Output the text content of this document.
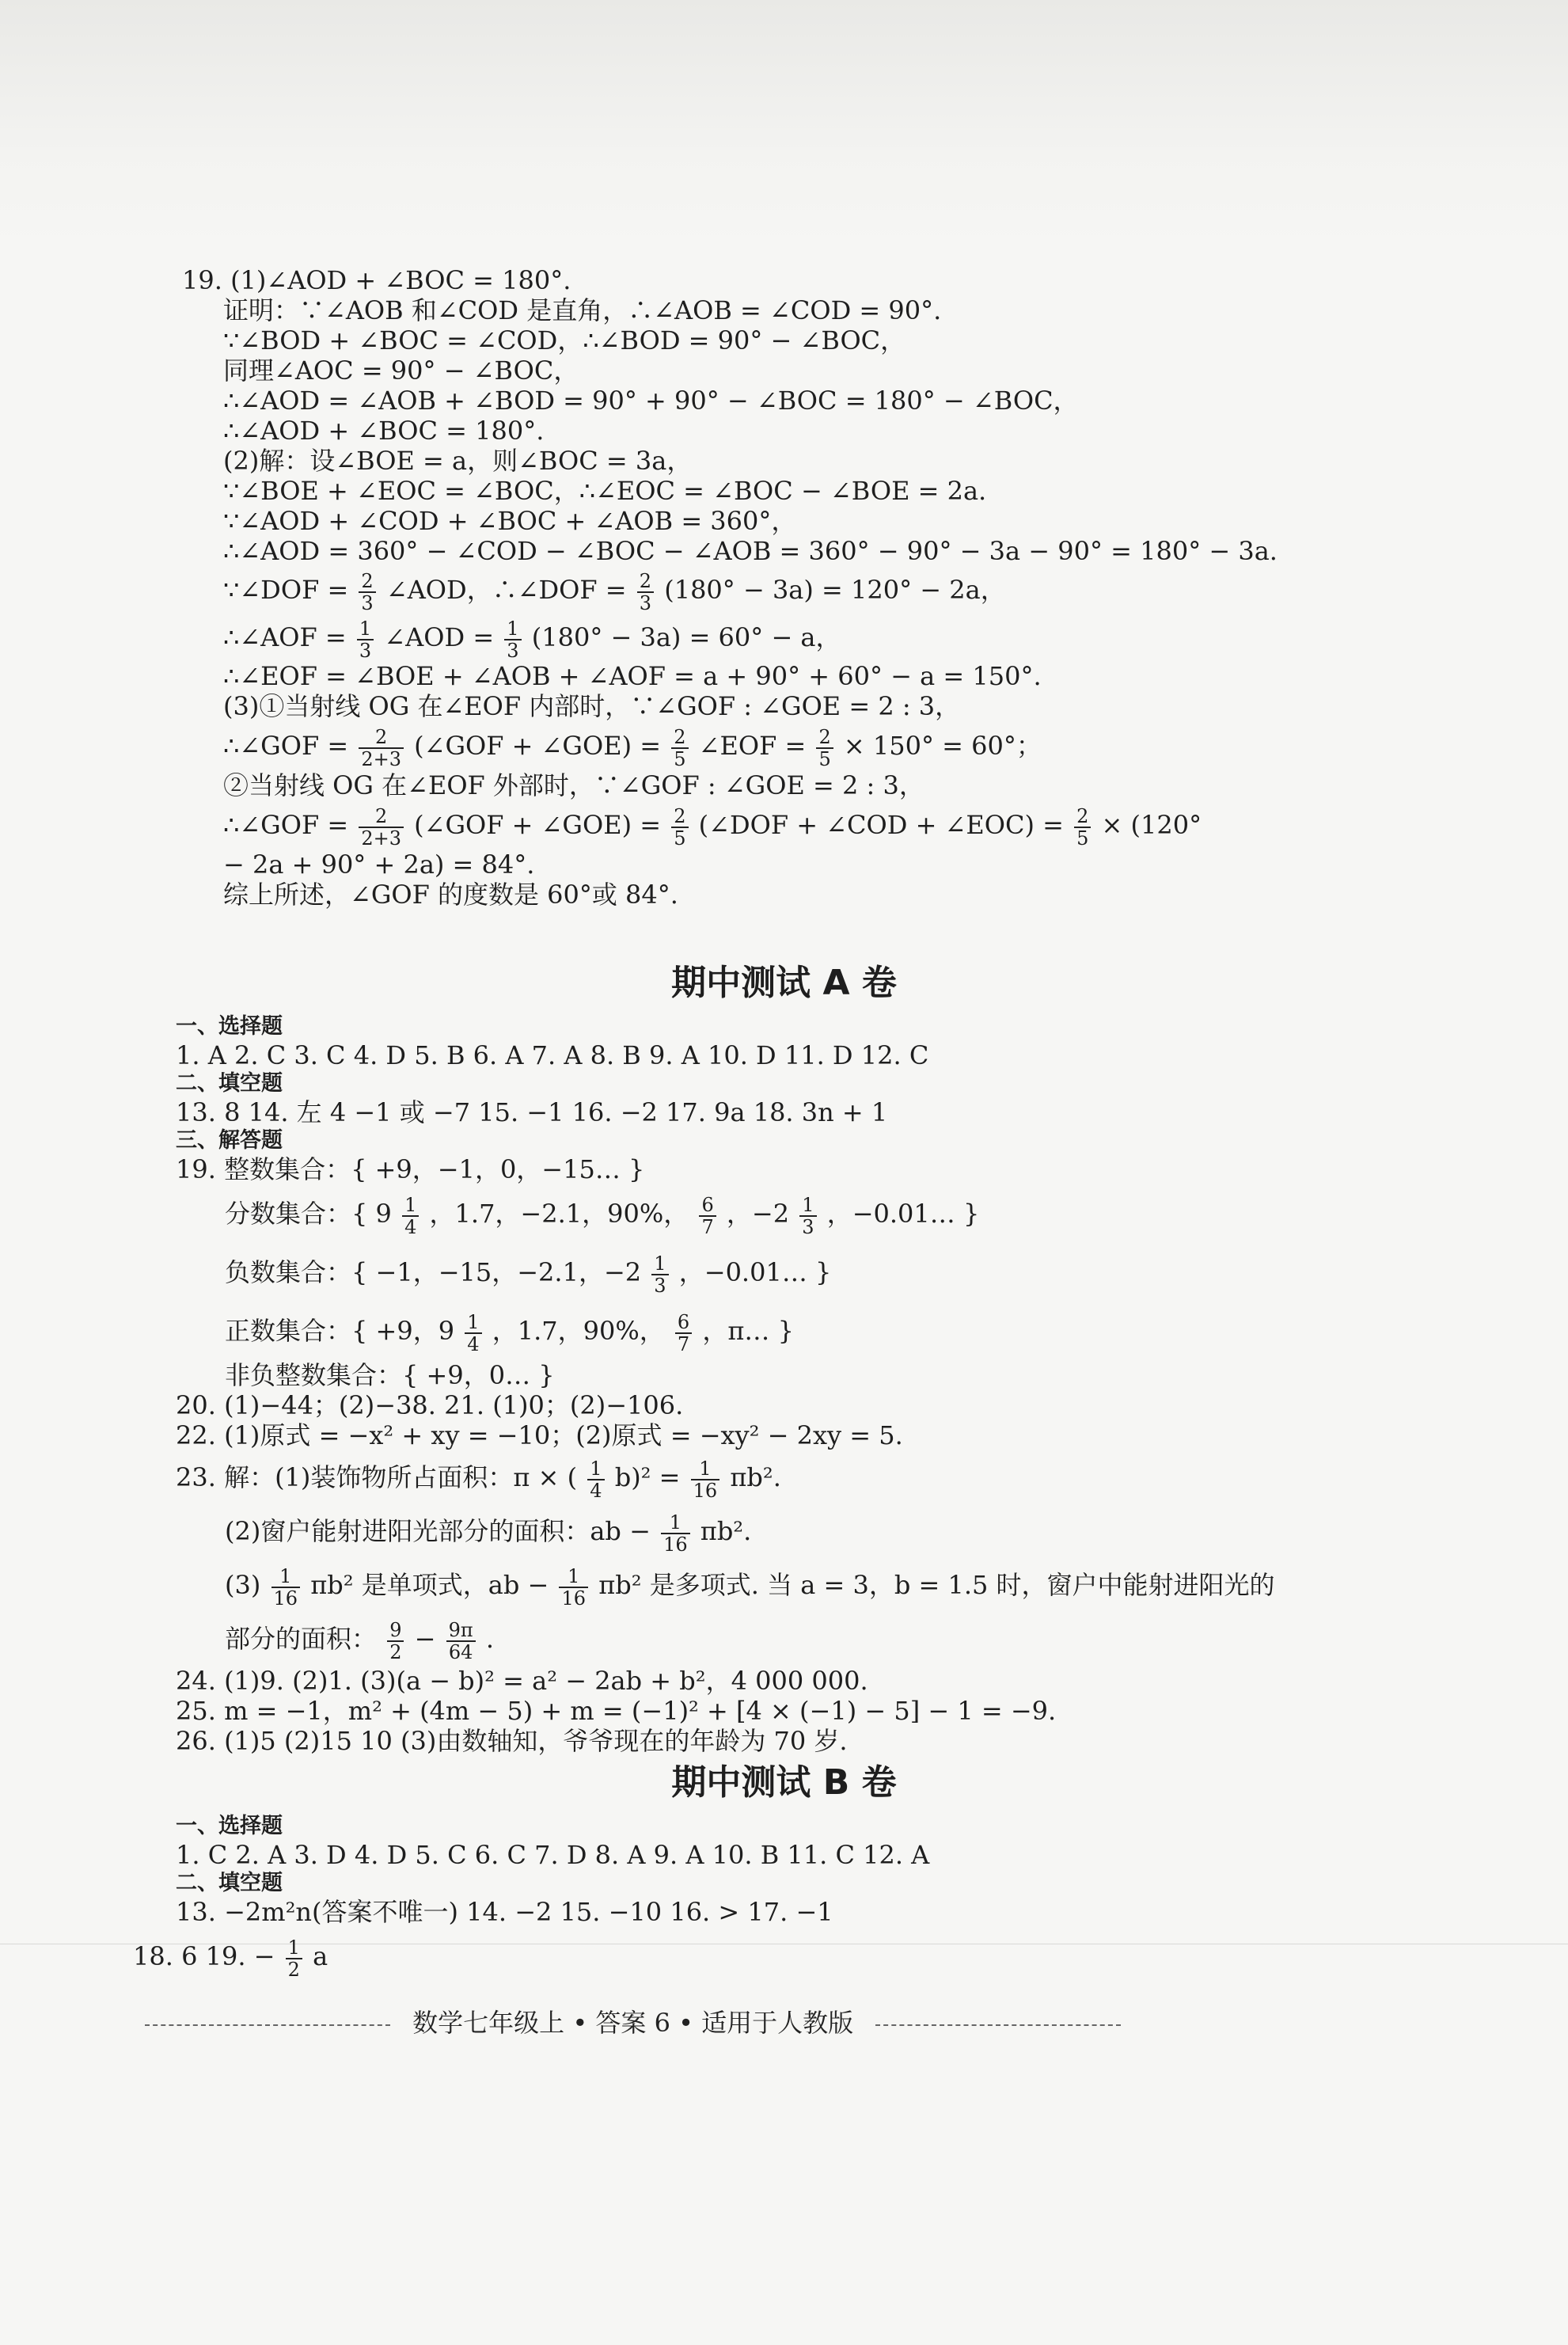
19. (1)∠AOD + ∠BOC = 180°.
证明：∵∠AOB 和∠COD 是直角，∴∠AOB = ∠COD = 90°.
∵∠BOD + ∠BOC = ∠COD，∴∠BOD = 90° − ∠BOC，
同理∠AOC = 90° − ∠BOC，
∴∠AOD = ∠AOB + ∠BOD = 90° + 90° − ∠BOC = 180° − ∠BOC，
∴∠AOD + ∠BOC = 180°.
(2)解：设∠BOE = a，则∠BOC = 3a，
∵∠BOE + ∠EOC = ∠BOC，∴∠EOC = ∠BOC − ∠BOE = 2a.
∵∠AOD + ∠COD + ∠BOC + ∠AOB = 360°，
∴∠AOD = 360° − ∠COD − ∠BOC − ∠AOB = 360° − 90° − 3a − 90° = 180° − 3a.
∵∠DOF = $\frac{2}{3}$ ∠AOD，∴∠DOF = $\frac{2}{3} (180^\circ - 3a) = 120^\circ - 2a$，
∴∠AOF = $\frac{1}{3}$ ∠AOD = $\frac{1}{3} (180^\circ - 3a) = 60^\circ - a$，
∴∠EOF = ∠BOE + ∠AOB + ∠AOF = a + 90° + 60° − a = 150°.
(3)①当射线 OG 在∠EOF 内部时，∵∠GOF : ∠GOE = 2 : 3，
∴∠GOF = $\frac{2}{2+3}$ (∠GOF + ∠GOE) = $\frac{2}{5}$ ∠EOF = $\frac{2}{5} \times 150^\circ = 60^\circ$；
②当射线 OG 在∠EOF 外部时，∵∠GOF : ∠GOE = 2 : 3，
∴∠GOF = $\frac{2}{2+3}$ (∠GOF + ∠GOE) = $\frac{2}{5}$ (∠DOF + ∠COD + ∠EOC) = $\frac{2}{5} \times (120^\circ$
− 2a + 90° + 2a) = 84°.
综上所述，∠GOF 的度数是 60°或 84°.
期中测试 A 卷
一、选择题
1. A 2. C 3. C 4. D 5. B 6. A 7. A 8. B 9. A 10. D 11. D 12. C
二、填空题
13. 8 14. 左 4 −1 或 −7 15. −1 16. −2 17. 9a 18. 3n + 1
三、解答题
19. 整数集合：{ +9，−1，0，−15… }
分数集合：{ $9 \frac{1}{4}$ ，1.7，−2.1，90%， $\frac{6}{7}$ ，$-2 \frac{1}{3}$ ，−0.01… }
负数集合：{ −1，−15，−2.1，$-2 \frac{1}{3}$ ，−0.01… }
正数集合：{ +9，$9 \frac{1}{4}$ ，1.7，90%， $\frac{6}{7}$ ，π… }
非负整数集合：{ +9，0… }
20. (1)−44；(2)−38. 21. (1)0；(2)−106.
22. (1)原式 = −x² + xy = −10；(2)原式 = −xy² − 2xy = 5.
23. 解：(1)装饰物所占面积：π × ( $\frac{1}{4} b)^2 = \frac{1}{16} \pi b^2$.
(2)窗户能射进阳光部分的面积：ab − $\frac{1}{16} \pi b^2$.
$(3) \frac{1}{16} \pi b^2$ 是单项式，ab − $\frac{1}{16} \pi b^2$ 是多项式. 当 a = 3，b = 1.5 时，窗户中能射进阳光的
部分的面积： $\frac{9}{2} - \frac{9\pi}{64}$ .
24. (1)9. (2)1. (3)(a − b)² = a² − 2ab + b²，4 000 000.
25. m = −1，m² + (4m − 5) + m = (−1)² + [4 × (−1) − 5] − 1 = −9.
26. (1)5 (2)15 10 (3)由数轴知，爷爷现在的年龄为 70 岁.
期中测试 B 卷
一、选择题
1. C 2. A 3. D 4. D 5. C 6. C 7. D 8. A 9. A 10. B 11. C 12. A
二、填空题
13. −2m²n(答案不唯一) 14. −2 15. −10 16. > 17. −1
18. 6 19. − $\frac{1}{2}$ a
数学七年级上 • 答案 6 • 适用于人教版
